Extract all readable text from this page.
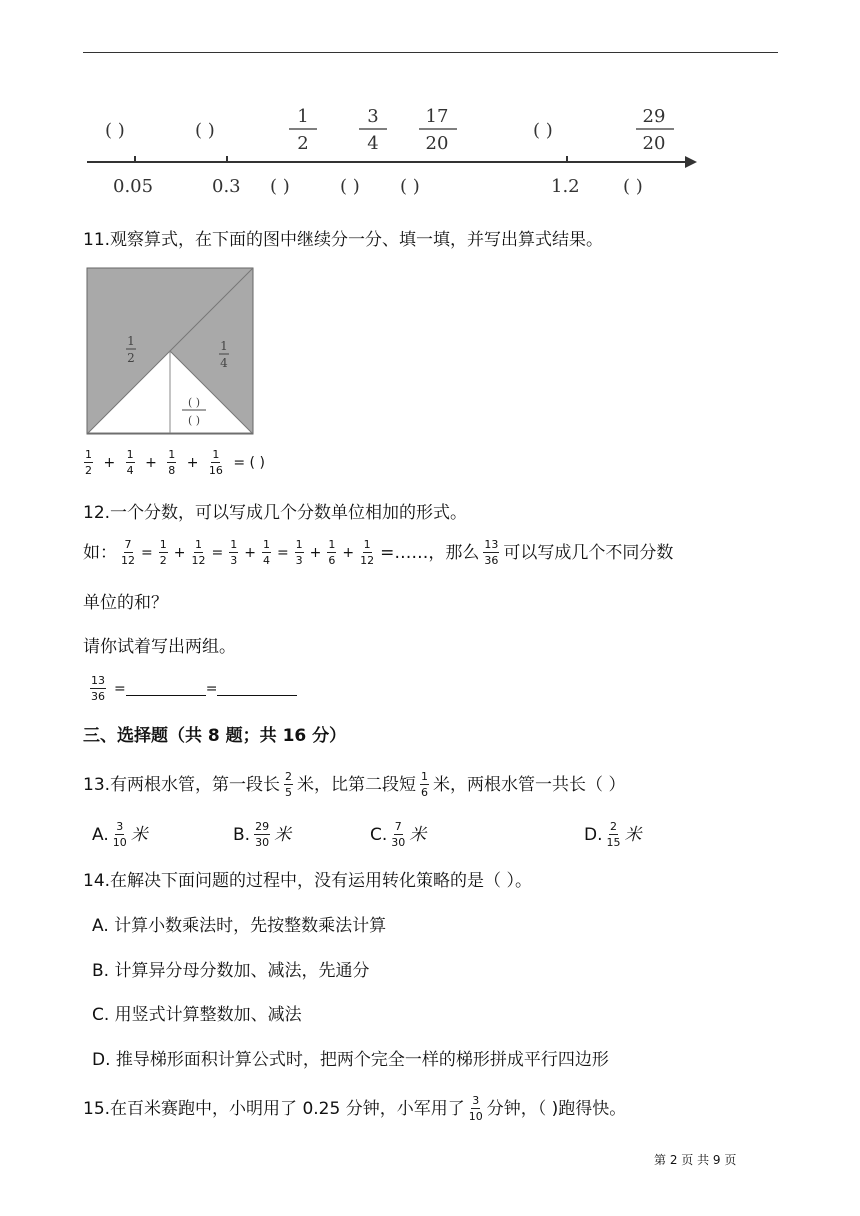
( )	( )	( )
1
2
3
4
17
20
29
20
0.05	0.3 ( )	( ) ( )	1.2 ( )
11.观察算式，在下面的图中继续分一分、填一填，并写出算式结果。
1
2
1
4
( )
( )
$\frac{1}{2} + \frac{1}{4} + \frac{1}{8} + \frac{1}{16}$ = ( )
12.一个分数，可以写成几个分数单位相加的形式。
如： $\frac{7}{12} = \frac{1}{2} + \frac{1}{12} = \frac{1}{3} + \frac{1}{4} = \frac{1}{3} + \frac{1}{6} + \frac{1}{12}$ =……，那么 $\frac{13}{36}$ 可以写成几个不同分数
单位的和？
请你试着写出两组。
$\frac{13}{36}$ =	=
三、选择题（共 8 题；共 16 分）
13.有两根水管，第一段长 $\frac{2}{5}$ 米，比第二段短 $\frac{1}{6}$ 米，两根水管一共长（ ）
A. $\frac{3}{10}$ 米	B. $\frac{29}{30}$ 米	C. $\frac{7}{30}$ 米	D. $\frac{2}{15}$ 米
14.在解决下面问题的过程中，没有运用转化策略的是（ ）。
A. 计算小数乘法时，先按整数乘法计算
B. 计算异分母分数加、减法，先通分
C. 用竖式计算整数加、减法
D. 推导梯形面积计算公式时，把两个完全一样的梯形拼成平行四边形
15.在百米赛跑中，小明用了 0.25 分钟，小军用了 $\frac{3}{10}$ 分钟，（ )跑得快。
第 2 页 共 9 页
